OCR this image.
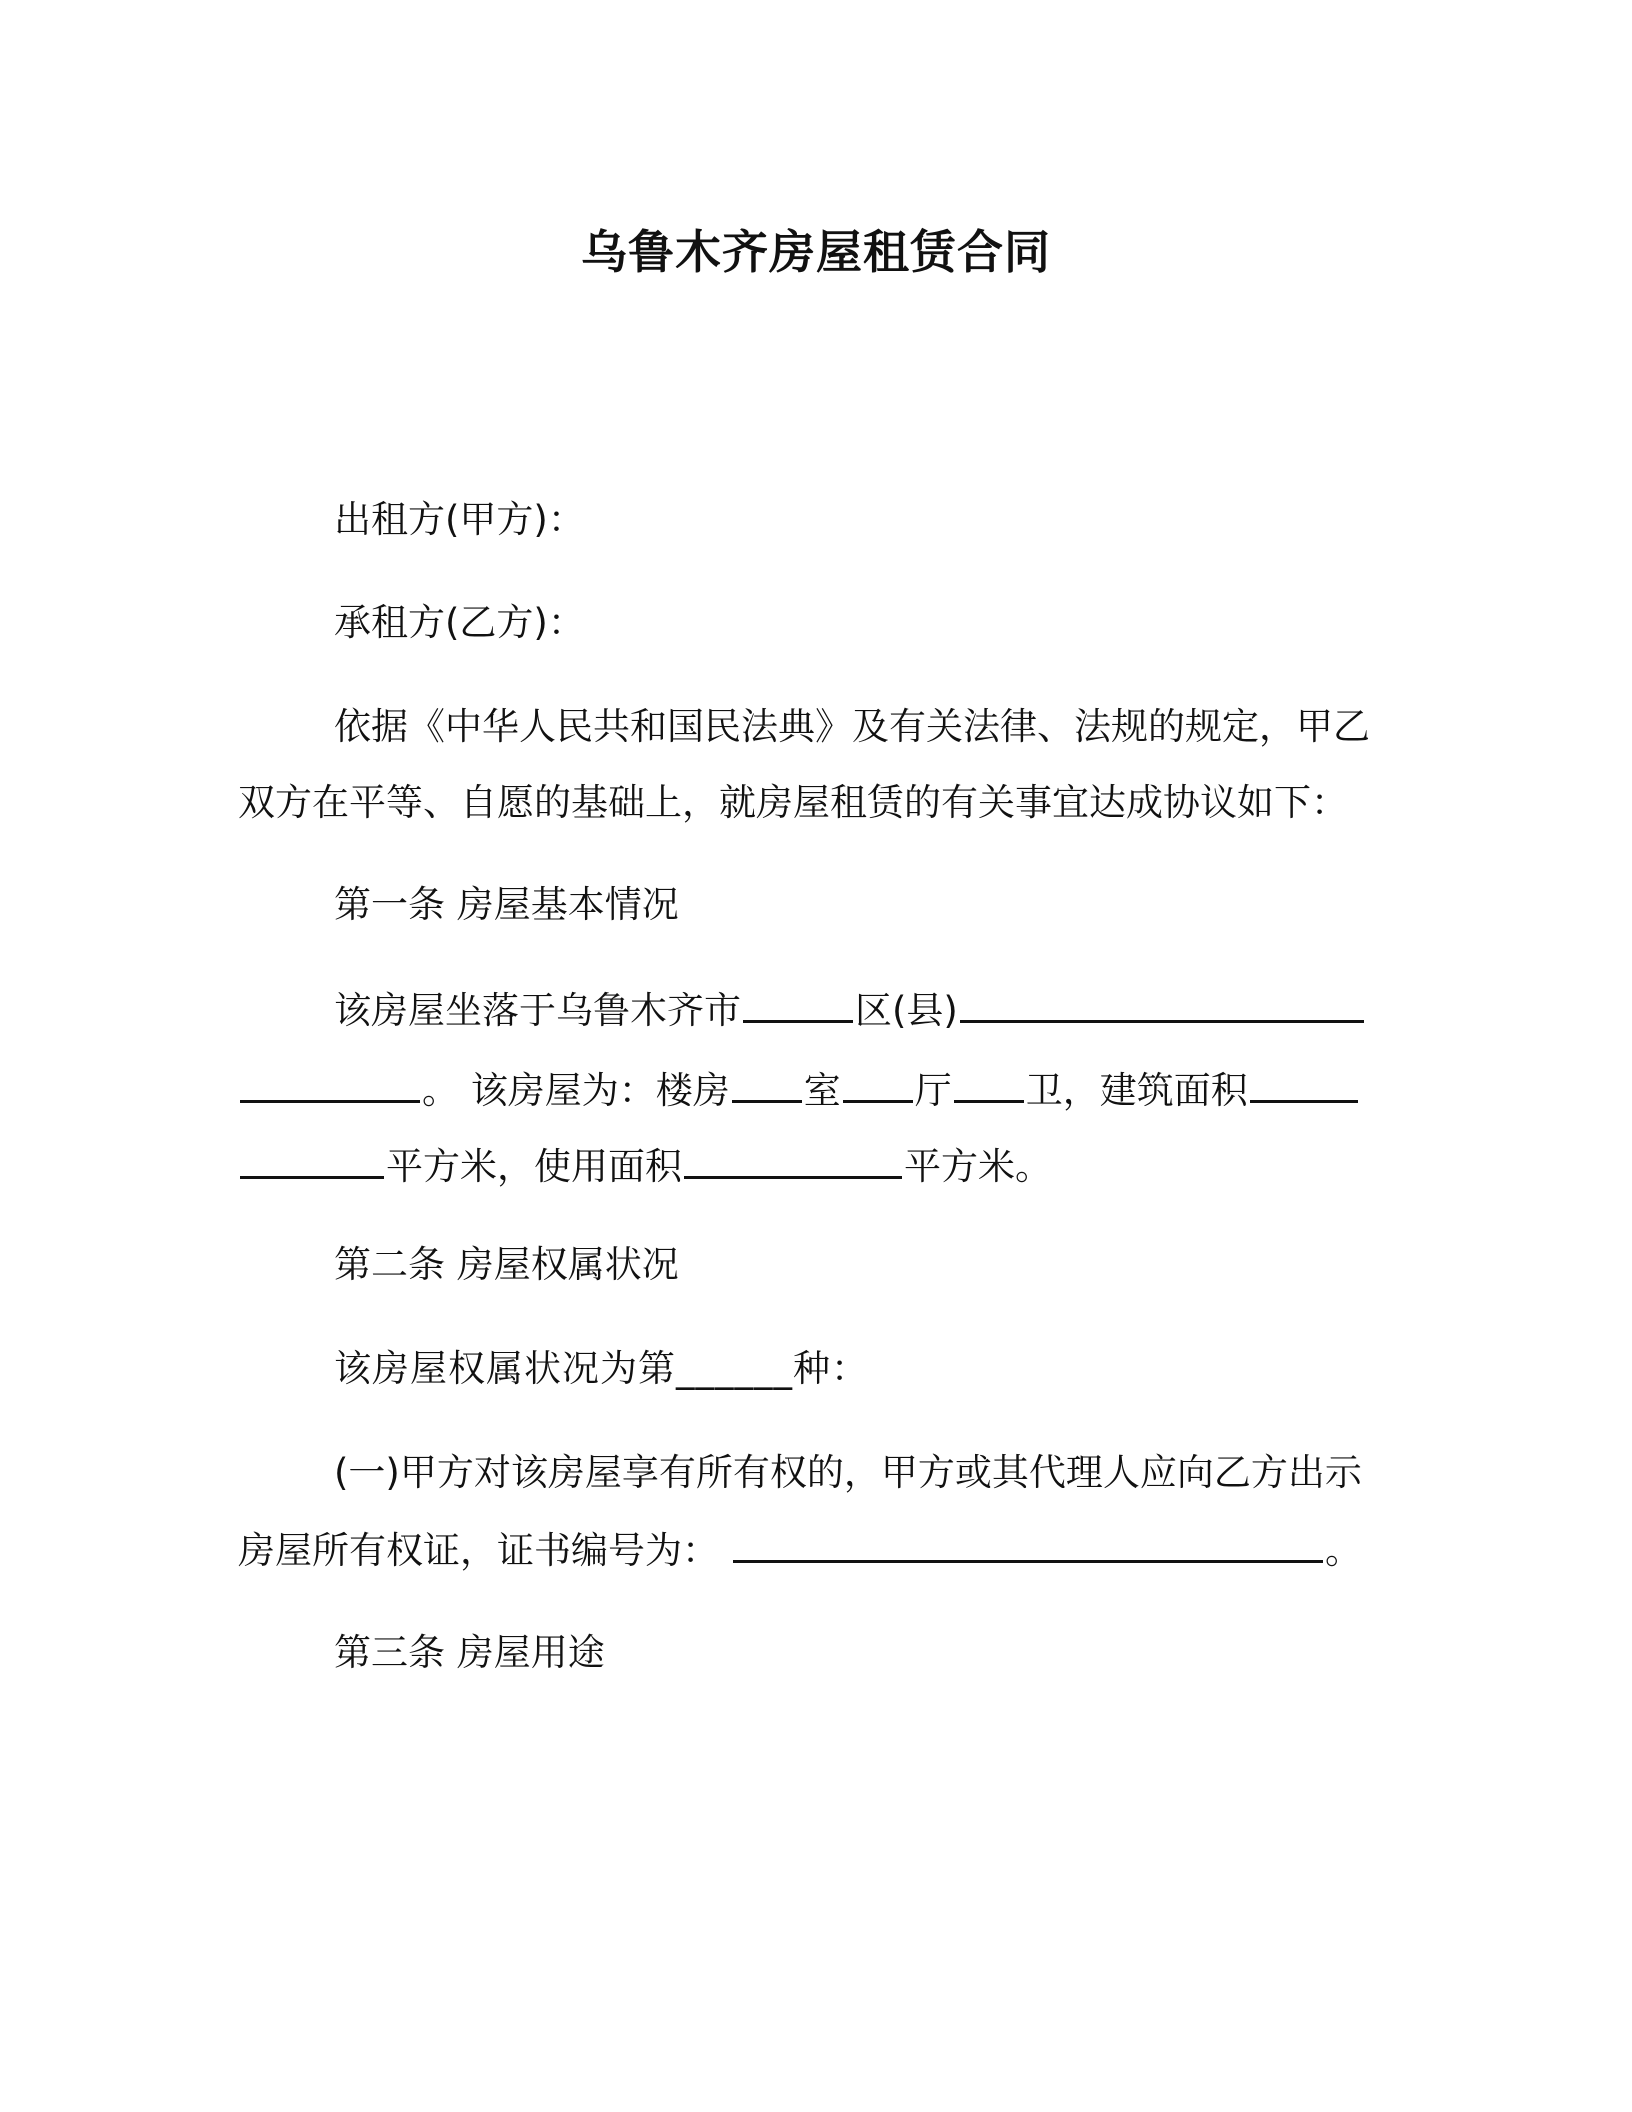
乌鲁木齐房屋租赁合同
出租方(甲方)：
承租方(乙方)：
依据《中华人民共和国民法典》及有关法律、法规的规定，甲乙
双方在平等、自愿的基础上，就房屋租赁的有关事宜达成协议如下：
第一条 房屋基本情况
该房屋坐落于乌鲁木齐市	区(县)
。 该房屋为：楼房 室 厅 卫，建筑面积
平方米，使用面积	平方米。
第二条 房屋权属状况
该房屋权属状况为第______种：
(一)甲方对该房屋享有所有权的，甲方或其代理人应向乙方出示
房屋所有权证，证书编号为：	。
第三条 房屋用途
